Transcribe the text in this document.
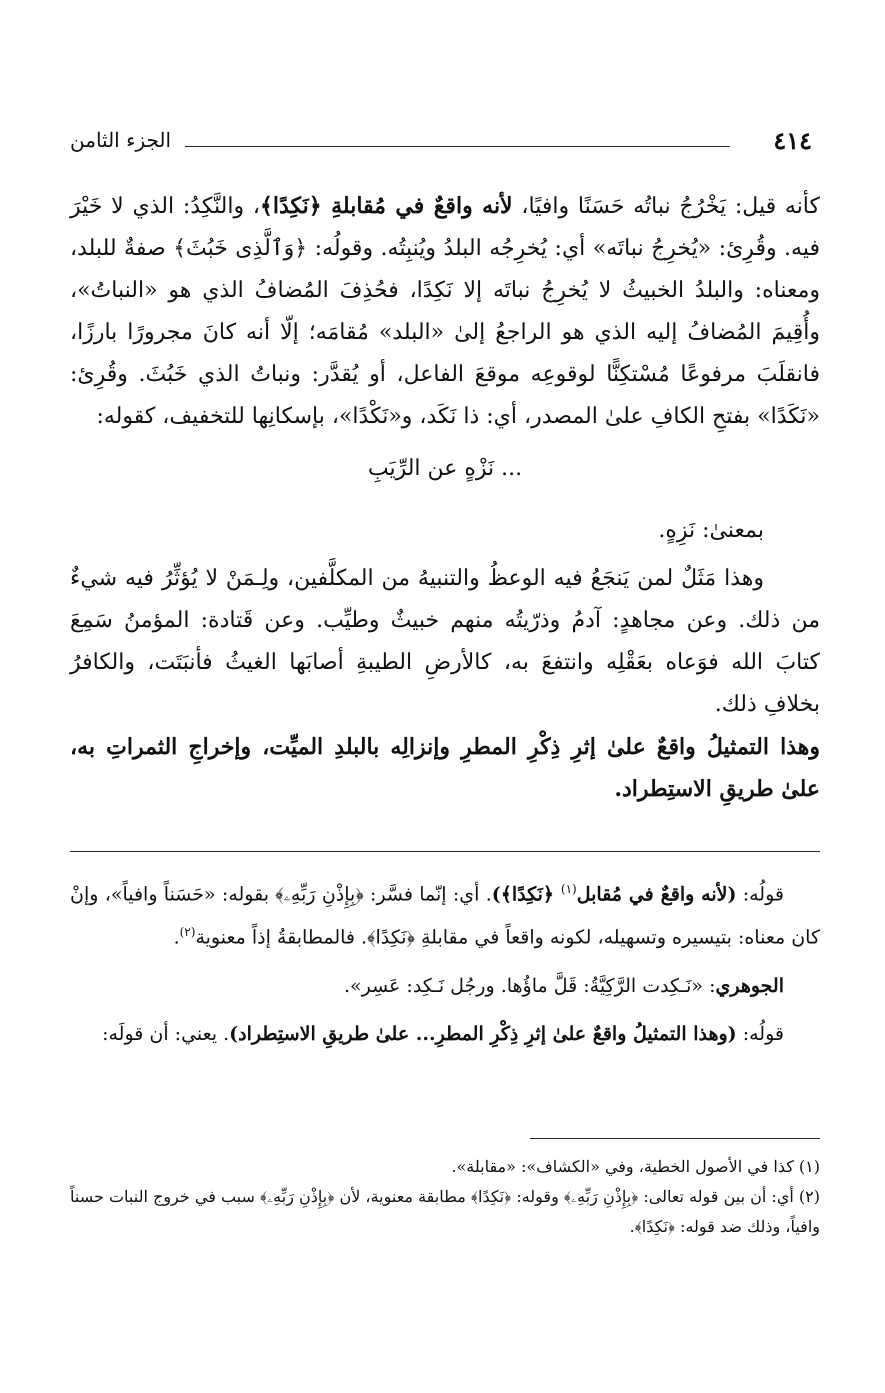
٤١٤
الجزء الثامن

كأنه قيل: يَخْرُجُ نباتُه حَسَنًا وافيًا، لأنه واقعٌ في مُقابلةِ ﴿نَكِدًا﴾، والنَّكِدُ: الذي لا خَيْرَ فيه. وقُرِئ: «يُخرِجُ نباتَه» أي: يُخرِجُه البلدُ ويُنبِتُه. وقولُه: ﴿وَٱلَّذِى خَبُثَ﴾ صفةٌ للبلد، ومعناه: والبلدُ الخبيثُ لا يُخرِجُ نباتَه إلا نَكِدًا، فحُذِفَ المُضافُ الذي هو «النباتُ»، وأُقِيمَ المُضافُ إليه الذي هو الراجعُ إلىٰ «البلد» مُقامَه؛ إلّا أنه كانَ مجرورًا بارزًا، فانقلَبَ مرفوعًا مُسْتكِنًّا لوقوعِه موقعَ الفاعل، أو يُقدَّر: ونباتُ الذي خَبُثَ. وقُرِئ: «نَكَدًا» بفتحِ الكافِ علىٰ المصدر، أي: ذا نَكَد، و«نَكْدًا»، بإسكانِها للتخفيف، كقوله:

... نَزْهٍ عن الرِّيَبِ

بمعنىٰ: نَزِهٍ.

وهذا مَثَلٌ لمن يَنجَعُ فيه الوعظُ والتنبيهُ من المكلَّفين، ولِـمَنْ لا يُؤثِّرُ فيه شيءٌ من ذلك. وعن مجاهدٍ: آدمُ وذرّيتُه منهم خبيثٌ وطيِّب. وعن قَتادة: المؤمنُ سَمِعَ كتابَ الله فوَعاه بعَقْلِه وانتفعَ به، كالأرضِ الطيبةِ أصابَها الغيثُ فأنبَتَت، والكافرُ بخلافِ ذلك.

وهذا التمثيلُ واقعٌ علىٰ إثرِ ذِكْرِ المطرِ وإنزالِه بالبلدِ الميِّت، وإخراجِ الثمراتِ به، علىٰ طريقِ الاستِطراد.

قولُه: (لأنه واقعٌ في مُقابل$^{(١)}$ ﴿نَكِدًا﴾). أي: إنّما فسَّر: ﴿بِإِذْنِ رَبِّهِۦ﴾ بقوله: «حَسَناً وافياً»، وإنْ كان معناه: بتيسيره وتسهيله، لكونه واقعاً في مقابلةِ ﴿نَكِدًا﴾. فالمطابقةُ إذاً معنوية$^{(٢)}$.

الجوهري: «نَـكِدت الرَّكِيَّةُ: قَلَّ ماؤُها. ورجُل نَـكِد: عَسِر».

قولُه: (وهذا التمثيلُ واقعٌ علىٰ إثرِ ذِكْرِ المطرِ... علىٰ طريقِ الاستِطراد). يعني: أن قولَه:

(١) كذا في الأصول الخطية، وفي «الكشاف»: «مقابلة».

(٢) أي: أن بين قوله تعالى: ﴿بِإِذْنِ رَبِّهِۦ﴾ وقوله: ﴿نَكِدًا﴾ مطابقة معنوية، لأن ﴿بِإِذْنِ رَبِّهِۦ﴾ سبب في خروج النبات حسناً وافياً، وذلك ضد قوله: ﴿نَكِدًا﴾.
